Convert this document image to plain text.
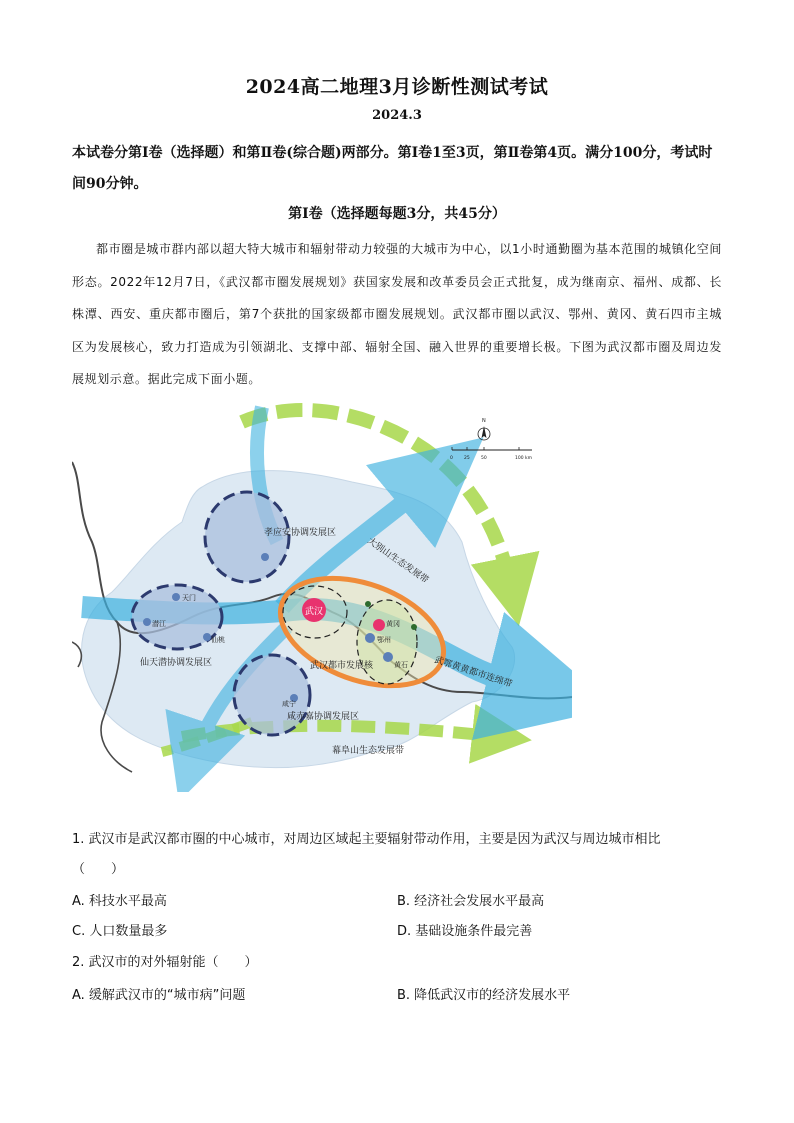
2024高二地理3月诊断性测试考试
2024.3
本试卷分第Ⅰ卷（选择题）和第Ⅱ卷(综合题)两部分。第Ⅰ卷1至3页，第Ⅱ卷第4页。满分100分，考试时间90分钟。
第Ⅰ卷（选择题每题3分，共45分）
都市圈是城市群内部以超大特大城市和辐射带动力较强的大城市为中心，以1小时通勤圈为基本范围的城镇化空间形态。2022年12月7日，《武汉都市圈发展规划》获国家发展和改革委员会正式批复，成为继南京、福州、成都、长株潭、西安、重庆都市圈后，第7个获批的国家级都市圈发展规划。武汉都市圈以武汉、鄂州、黄冈、黄石四市主城区为发展核心，致力打造成为引领湖北、支撑中部、辐射全国、融入世界的重要增长极。下图为武汉都市圈及周边发展规划示意。据此完成下面小题。
孝应安协调发展区
大别山生态发展带
天门
潜江
仙桃
仙天潜协调发展区
武汉
黄冈
鄂州
黄石
武汉都市发展核	武鄂黄黄都市连绵带
咸宁
咸赤嘉协调发展区
幕阜山生态发展带
N
0 25	50	100 km
1. 武汉市是武汉都市圈的中心城市，对周边区域起主要辐射带动作用，主要是因为武汉与周边城市相比
（　　）
A. 科技水平最高	B. 经济社会发展水平最高
C. 人口数量最多	D. 基础设施条件最完善
2. 武汉市的对外辐射能（　　）
A. 缓解武汉市的“城市病”问题	B. 降低武汉市的经济发展水平
